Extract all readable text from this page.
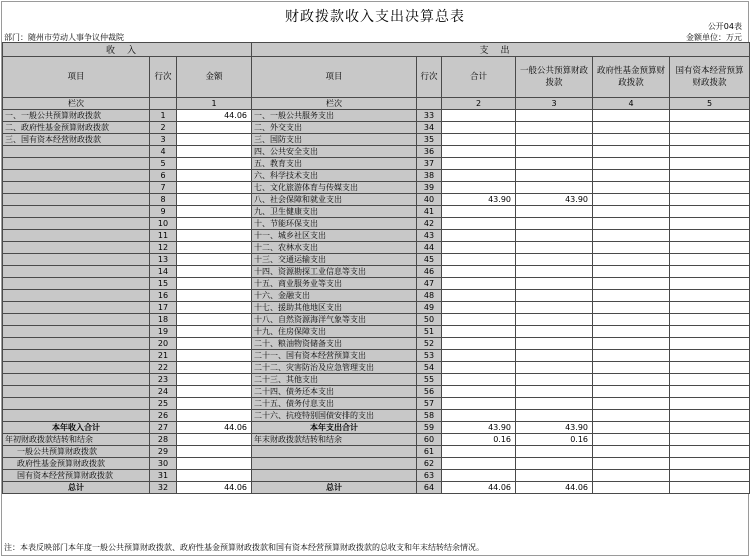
财政拨款收入支出决算总表
公开04表
部门：随州市劳动人事争议仲裁院	金额单位：万元
收入			支出					
项目	行次	金额	项目	行次	合计	一般公共预算财政拨款	政府性基金预算财政拨款	国有资本经营预算财政拨款
栏次		1	栏次		2	3	4	5
一、一般公共预算财政拨款	1	44.06	一、一般公共服务支出	33				
二、政府性基金预算财政拨款	2		二、外交支出	34				
三、国有资本经营财政拨款	3		三、国防支出	35				
	4		四、公共安全支出	36				
	5		五、教育支出	37				
	6		六、科学技术支出	38				
	7		七、文化旅游体育与传媒支出	39				
	8		八、社会保障和就业支出	40	43.90	43.90		
	9		九、卫生健康支出	41				
	10		十、节能环保支出	42				
	11		十一、城乡社区支出	43				
	12		十二、农林水支出	44				
	13		十三、交通运输支出	45				
	14		十四、资源勘探工业信息等支出	46				
	15		十五、商业服务业等支出	47				
	16		十六、金融支出	48				
	17		十七、援助其他地区支出	49				
	18		十八、自然资源海洋气象等支出	50				
	19		十九、住房保障支出	51				
	20		二十、粮油物资储备支出	52				
	21		二十一、国有资本经营预算支出	53				
	22		二十二、灾害防治及应急管理支出	54				
	23		二十三、其他支出	55				
	24		二十四、债务还本支出	56				
	25		二十五、债务付息支出	57				
	26		二十六、抗疫特别国债安排的支出	58				
本年收入合计	27	44.06	本年支出合计	59	43.90	43.90		
年初财政拨款结转和结余	28		年末财政拨款结转和结余	60	0.16	0.16		
一般公共预算财政拨款	29			61				
政府性基金预算财政拨款	30			62				
国有资本经营预算财政拨款	31			63				
总计	32	44.06	总计	64	44.06	44.06		
注：本表反映部门本年度一般公共预算财政拨款、政府性基金预算财政拨款和国有资本经营预算财政拨款的总收支和年末结转结余情况。
